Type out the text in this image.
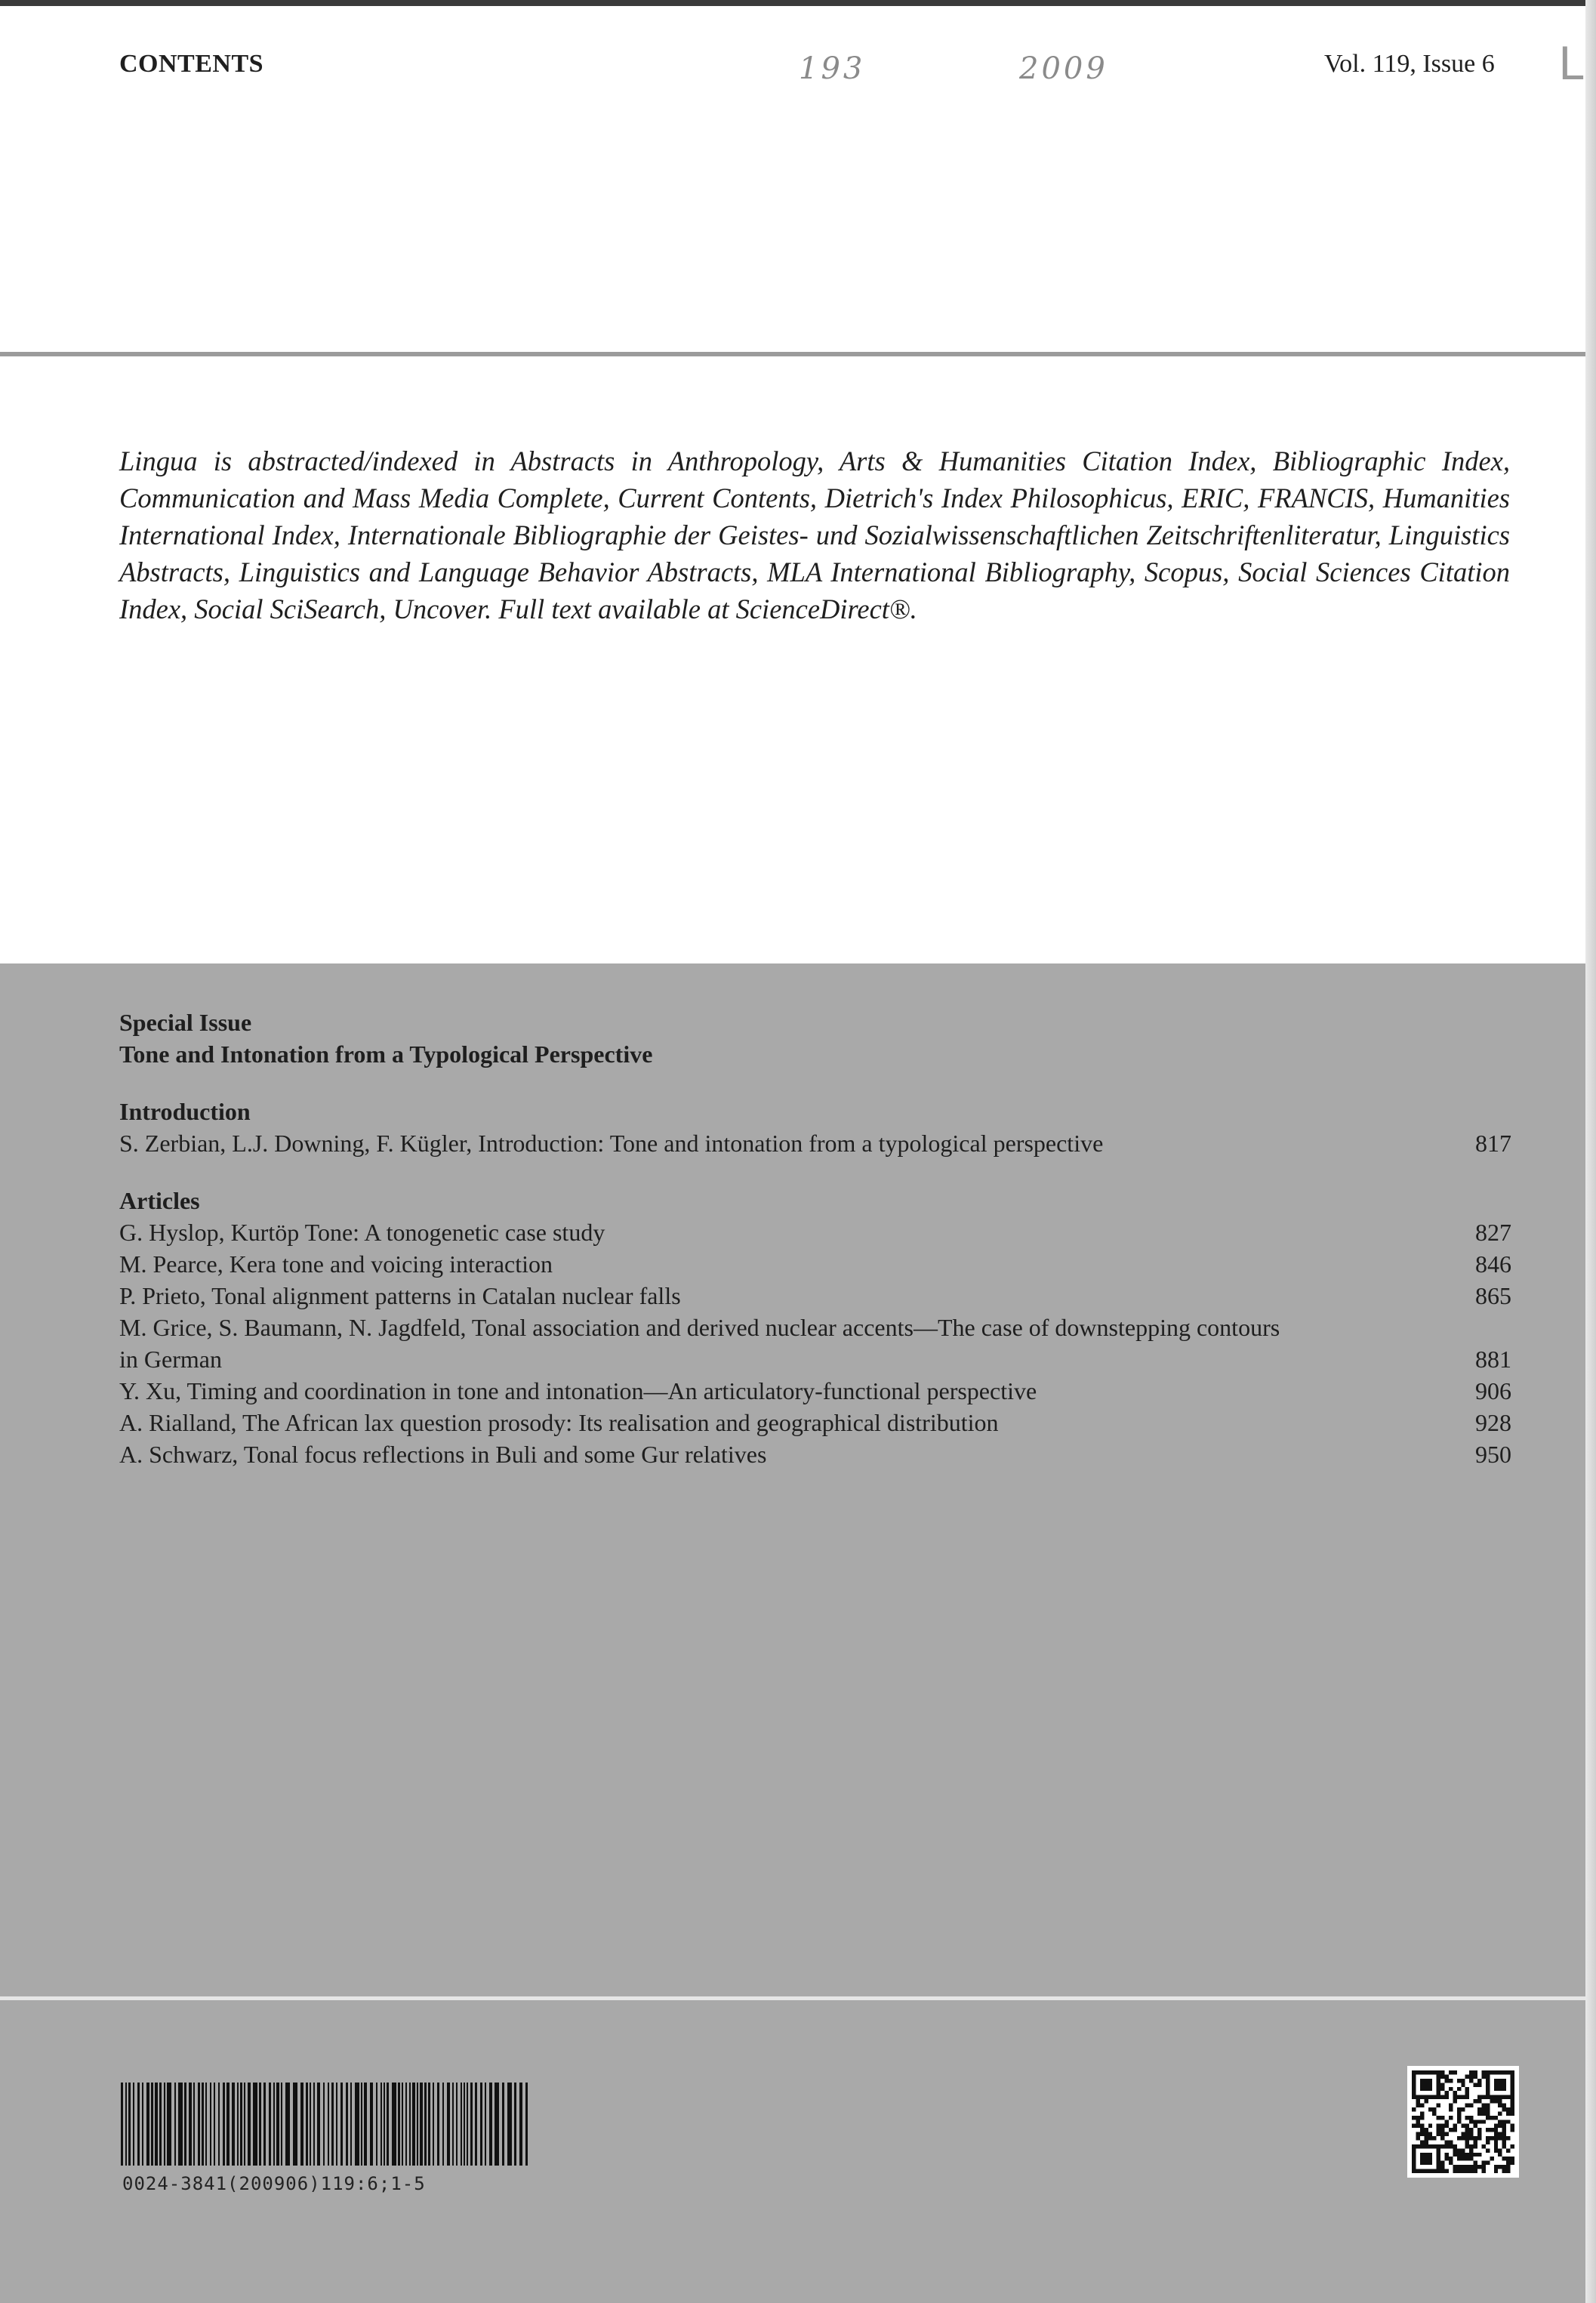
CONTENTS	193	2009	Vol. 119, Issue 6 L

Lingua is abstracted/indexed in Abstracts in Anthropology, Arts & Humanities Citation Index, Bibliographic Index, Communication and Mass Media Complete, Current Contents, Dietrich's Index Philosophicus, ERIC, FRANCIS, Humanities International Index, Internationale Bibliographie der Geistes- und Sozialwissenschaftlichen Zeitschriftenliteratur, Linguistics Abstracts, Linguistics and Language Behavior Abstracts, MLA International Bibliography, Scopus, Social Sciences Citation Index, Social SciSearch, Uncover. Full text available at ScienceDirect®.

Special Issue
Tone and Intonation from a Typological Perspective
Introduction
S. Zerbian, L.J. Downing, F. Kügler, Introduction: Tone and intonation from a typological perspective	817
Articles
G. Hyslop, Kurtöp Tone: A tonogenetic case study	827
M. Pearce, Kera tone and voicing interaction	846
P. Prieto, Tonal alignment patterns in Catalan nuclear falls	865
M. Grice, S. Baumann, N. Jagdfeld, Tonal association and derived nuclear accents—The case of downstepping contours
in German	881
Y. Xu, Timing and coordination in tone and intonation—An articulatory-functional perspective	906
A. Rialland, The African lax question prosody: Its realisation and geographical distribution	928
A. Schwarz, Tonal focus reflections in Buli and some Gur relatives	950
0024-3841(200906)119:6;1-5
